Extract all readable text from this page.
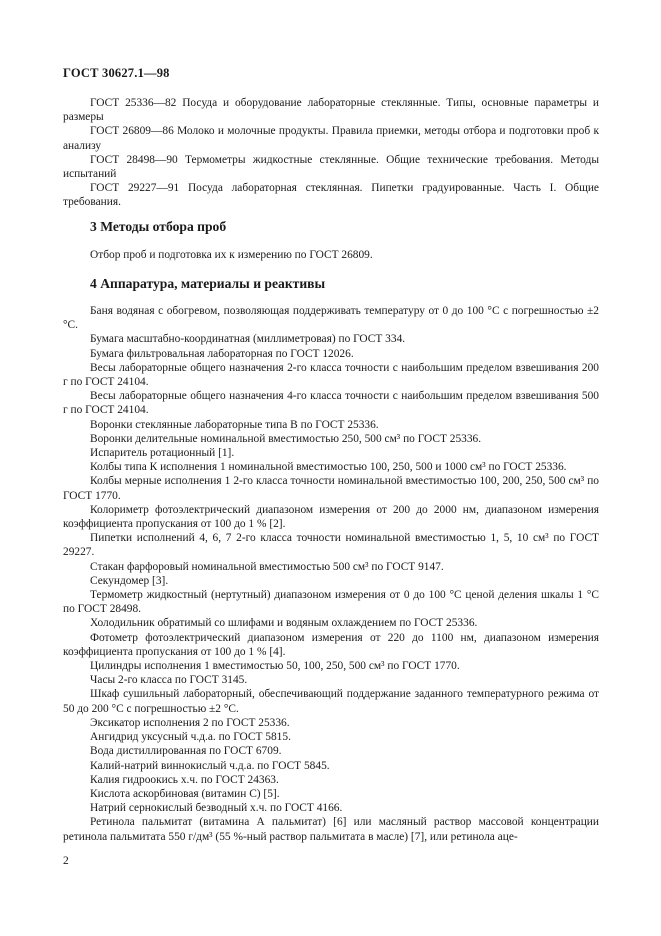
ГОСТ 30627.1—98

ГОСТ 25336—82 Посуда и оборудование лабораторные стеклянные. Типы, основные параметры и размеры

ГОСТ 26809—86 Молоко и молочные продукты. Правила приемки, методы отбора и подготовки проб к анализу

ГОСТ 28498—90 Термометры жидкостные стеклянные. Общие технические требования. Методы испытаний

ГОСТ 29227—91 Посуда лабораторная стеклянная. Пипетки градуированные. Часть I. Общие требования.

3 Методы отбора проб

Отбор проб и подготовка их к измерению по ГОСТ 26809.

4 Аппаратура, материалы и реактивы

Баня водяная с обогревом, позволяющая поддерживать температуру от 0 до 100 °С с погрешностью ±2 °С.

Бумага масштабно-координатная (миллиметровая) по ГОСТ 334.

Бумага фильтровальная лабораторная по ГОСТ 12026.

Весы лабораторные общего назначения 2-го класса точности с наибольшим пределом взвешивания 200 г по ГОСТ 24104.

Весы лабораторные общего назначения 4-го класса точности с наибольшим пределом взвешивания 500 г по ГОСТ 24104.

Воронки стеклянные лабораторные типа В по ГОСТ 25336.

Воронки делительные номинальной вместимостью 250, 500 см³ по ГОСТ 25336.

Испаритель ротационный [1].

Колбы типа К исполнения 1 номинальной вместимостью 100, 250, 500 и 1000 см³ по ГОСТ 25336.

Колбы мерные исполнения 1 2-го класса точности номинальной вместимостью 100, 200, 250, 500 см³ по ГОСТ 1770.

Колориметр фотоэлектрический диапазоном измерения от 200 до 2000 нм, диапазоном измерения коэффициента пропускания от 100 до 1 % [2].

Пипетки исполнений 4, 6, 7 2-го класса точности номинальной вместимостью 1, 5, 10 см³ по ГОСТ 29227.

Стакан фарфоровый номинальной вместимостью 500 см³ по ГОСТ 9147.

Секундомер [3].

Термометр жидкостный (нертутный) диапазоном измерения от 0 до 100 °С ценой деления шкалы 1 °С по ГОСТ 28498.

Холодильник обратимый со шлифами и водяным охлаждением по ГОСТ 25336.

Фотометр фотоэлектрический диапазоном измерения от 220 до 1100 нм, диапазоном измерения коэффициента пропускания от 100 до 1 % [4].

Цилиндры исполнения 1 вместимостью 50, 100, 250, 500 см³ по ГОСТ 1770.

Часы 2-го класса по ГОСТ 3145.

Шкаф сушильный лабораторный, обеспечивающий поддержание заданного температурного режима от 50 до 200 °С с погрешностью ±2 °С.

Эксикатор исполнения 2 по ГОСТ 25336.

Ангидрид уксусный ч.д.а. по ГОСТ 5815.

Вода дистиллированная по ГОСТ 6709.

Калий-натрий виннокислый ч.д.а. по ГОСТ 5845.

Калия гидроокись х.ч. по ГОСТ 24363.

Кислота аскорбиновая (витамин С) [5].

Натрий сернокислый безводный х.ч. по ГОСТ 4166.

Ретинола пальмитат (витамина А пальмитат) [6] или масляный раствор массовой концентрации ретинола пальмитата 550 г/дм³ (55 %-ный раствор пальмитата в масле) [7], или ретинола аце-

2
